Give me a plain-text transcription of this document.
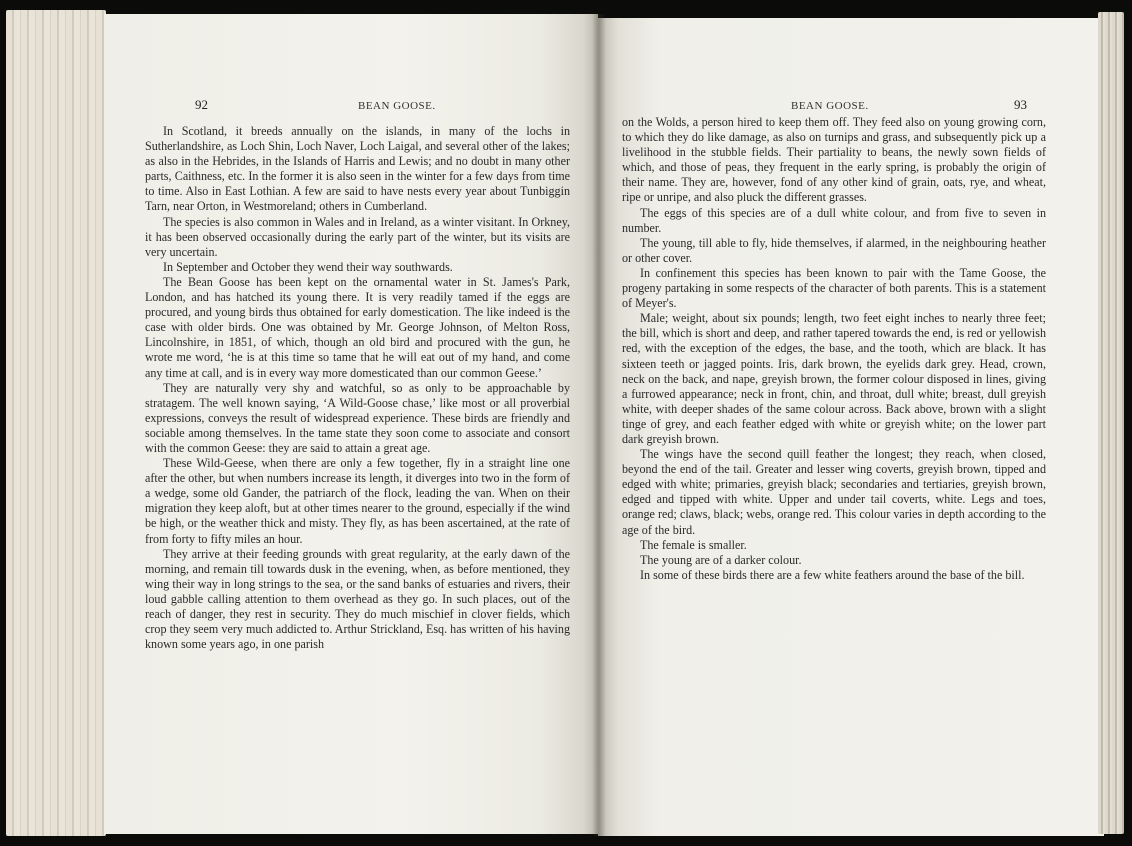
92	BEAN GOOSE.	BEAN GOOSE.	93

In Scotland, it breeds annually on the islands, in many of the lochs in Sutherlandshire, as Loch Shin, Loch Naver, Loch Laigal, and several other of the lakes; as also in the Hebrides, in the Islands of Harris and Lewis; and no doubt in many other parts, Caithness, etc. In the former it is also seen in the winter for a few days from time to time. Also in East Lothian. A few are said to have nests every year about Tunbiggin Tarn, near Orton, in Westmoreland; others in Cumberland.

The species is also common in Wales and in Ireland, as a winter visitant. In Orkney, it has been observed occasionally during the early part of the winter, but its visits are very uncertain.

In September and October they wend their way southwards.

The Bean Goose has been kept on the ornamental water in St. James's Park, London, and has hatched its young there. It is very readily tamed if the eggs are procured, and young birds thus obtained for early domestication. The like indeed is the case with older birds. One was obtained by Mr. George Johnson, of Melton Ross, Lincolnshire, in 1851, of which, though an old bird and procured with the gun, he wrote me word, ‘he is at this time so tame that he will eat out of my hand, and come any time at call, and is in every way more domesticated than our common Geese.’

They are naturally very shy and watchful, so as only to be approachable by stratagem. The well known saying, ‘A Wild-Goose chase,’ like most or all proverbial expressions, conveys the result of widespread experience. These birds are friendly and sociable among themselves. In the tame state they soon come to associate and consort with the common Geese: they are said to attain a great age.

These Wild-Geese, when there are only a few together, fly in a straight line one after the other, but when numbers increase its length, it diverges into two in the form of a wedge, some old Gander, the patriarch of the flock, leading the van. When on their migration they keep aloft, but at other times nearer to the ground, especially if the wind be high, or the weather thick and misty. They fly, as has been ascertained, at the rate of from forty to fifty miles an hour.

They arrive at their feeding grounds with great regularity, at the early dawn of the morning, and remain till towards dusk in the evening, when, as before mentioned, they wing their way in long strings to the sea, or the sand banks of estuaries and rivers, their loud gabble calling attention to them overhead as they go. In such places, out of the reach of danger, they rest in security. They do much mischief in clover fields, which crop they seem very much addicted to. Arthur Strickland, Esq. has written of his having known some years ago, in one parish

on the Wolds, a person hired to keep them off. They feed also on young growing corn, to which they do like damage, as also on turnips and grass, and subsequently pick up a livelihood in the stubble fields. Their partiality to beans, the newly sown fields of which, and those of peas, they frequent in the early spring, is probably the origin of their name. They are, however, fond of any other kind of grain, oats, rye, and wheat, ripe or unripe, and also pluck the different grasses.

The eggs of this species are of a dull white colour, and from five to seven in number.

The young, till able to fly, hide themselves, if alarmed, in the neighbouring heather or other cover.

In confinement this species has been known to pair with the Tame Goose, the progeny partaking in some respects of the character of both parents. This is a statement of Meyer's.

Male; weight, about six pounds; length, two feet eight inches to nearly three feet; the bill, which is short and deep, and rather tapered towards the end, is red or yellowish red, with the exception of the edges, the base, and the tooth, which are black. It has sixteen teeth or jagged points. Iris, dark brown, the eyelids dark grey. Head, crown, neck on the back, and nape, greyish brown, the former colour disposed in lines, giving a furrowed appearance; neck in front, chin, and throat, dull white; breast, dull greyish white, with deeper shades of the same colour across. Back above, brown with a slight tinge of grey, and each feather edged with white or greyish white; on the lower part dark greyish brown.

The wings have the second quill feather the longest; they reach, when closed, beyond the end of the tail. Greater and lesser wing coverts, greyish brown, tipped and edged with white; primaries, greyish black; secondaries and tertiaries, greyish brown, edged and tipped with white. Upper and under tail coverts, white. Legs and toes, orange red; claws, black; webs, orange red. This colour varies in depth according to the age of the bird.

The female is smaller.

The young are of a darker colour.

In some of these birds there are a few white feathers around the base of the bill.
